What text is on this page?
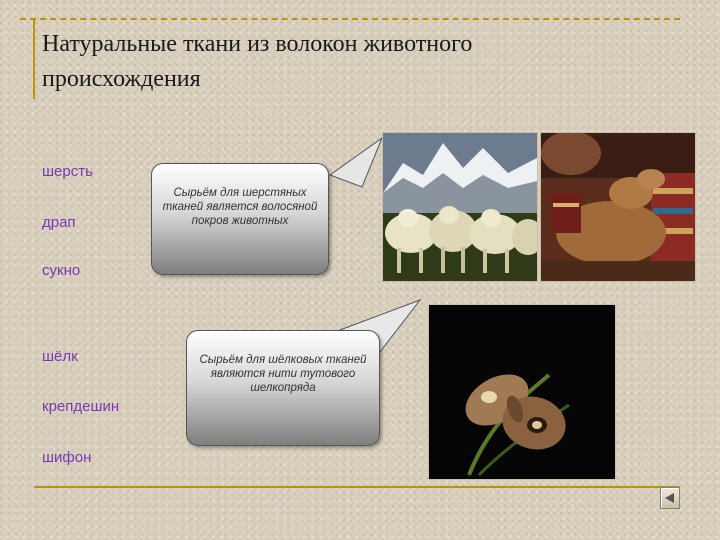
Натуральные ткани из волокон животного
происхождения
шерсть
драп
сукно
шёлк
крепдешин
шифон
Сырьём для шерстяных тканей является волосяной покров животных
Сырьём для шёлковых тканей являются нити тутового шелкопряда
